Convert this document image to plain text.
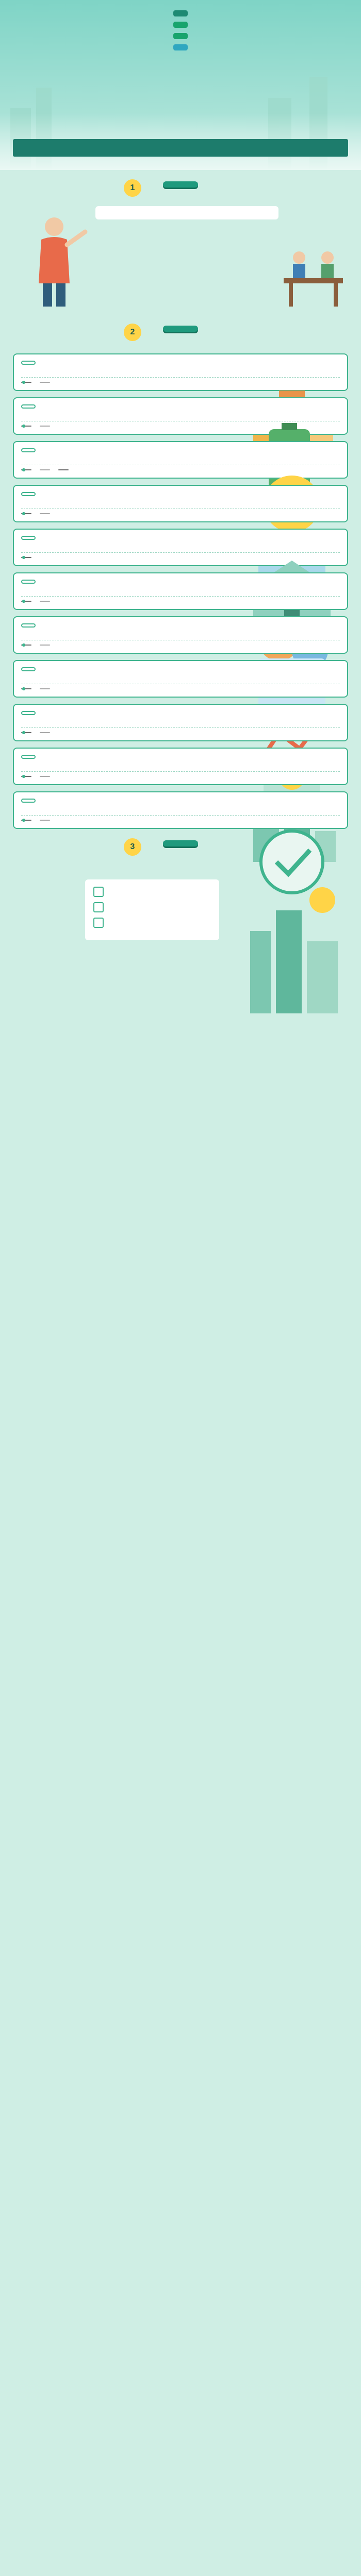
1

2

3
